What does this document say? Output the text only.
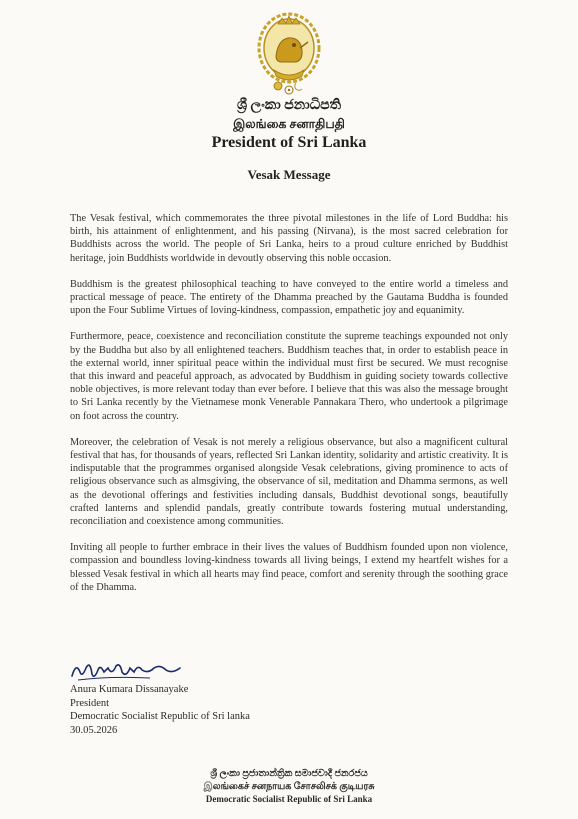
ශ්‍රී ලංකා ජනාධිපති
இலங்கை சனாதிபதி
President of Sri Lanka
Vesak Message

The Vesak festival, which commemorates the three pivotal milestones in the life of Lord Buddha: his birth, his attainment of enlightenment, and his passing (Nirvana), is the most sacred celebration for Buddhists across the world. The people of Sri Lanka, heirs to a proud culture enriched by Buddhist heritage, join Buddhists worldwide in devoutly observing this noble occasion.

Buddhism is the greatest philosophical teaching to have conveyed to the entire world a timeless and practical message of peace. The entirety of the Dhamma preached by the Gautama Buddha is founded upon the Four Sublime Virtues of loving-kindness, compassion, empathetic joy and equanimity.

Furthermore, peace, coexistence and reconciliation constitute the supreme teachings expounded not only by the Buddha but also by all enlightened teachers. Buddhism teaches that, in order to establish peace in the external world, inner spiritual peace within the individual must first be secured. We must recognise that this inward and peaceful approach, as advocated by Buddhism in guiding society towards collective noble objectives, is more relevant today than ever before. I believe that this was also the message brought to Sri Lanka recently by the Vietnamese monk Venerable Pannakara Thero, who undertook a pilgrimage on foot across the country.

Moreover, the celebration of Vesak is not merely a religious observance, but also a magnificent cultural festival that has, for thousands of years, reflected Sri Lankan identity, solidarity and artistic creativity. It is indisputable that the programmes organised alongside Vesak celebrations, giving prominence to acts of religious observance such as almsgiving, the observance of sil, meditation and Dhamma sermons, as well as the devotional offerings and festivities including dansals, Buddhist devotional songs, beautifully crafted lanterns and splendid pandals, greatly contribute towards fostering mutual understanding, reconciliation and coexistence among communities.

Inviting all people to further embrace in their lives the values of Buddhism founded upon non violence, compassion and boundless loving-kindness towards all living beings, I extend my heartfelt wishes for a blessed Vesak festival in which all hearts may find peace, comfort and serenity through the soothing grace of the Dhamma.

Anura Kumara Dissanayake
President
Democratic Socialist Republic of Sri lanka
30.05.2026
ශ්‍රී ලංකා ප්‍රජාතාන්ත්‍රික සමාජවාදී ජනරජය
இலங்கைச் சனநாயக சோசலிசக் குடியரசு
Democratic Socialist Republic of Sri Lanka
